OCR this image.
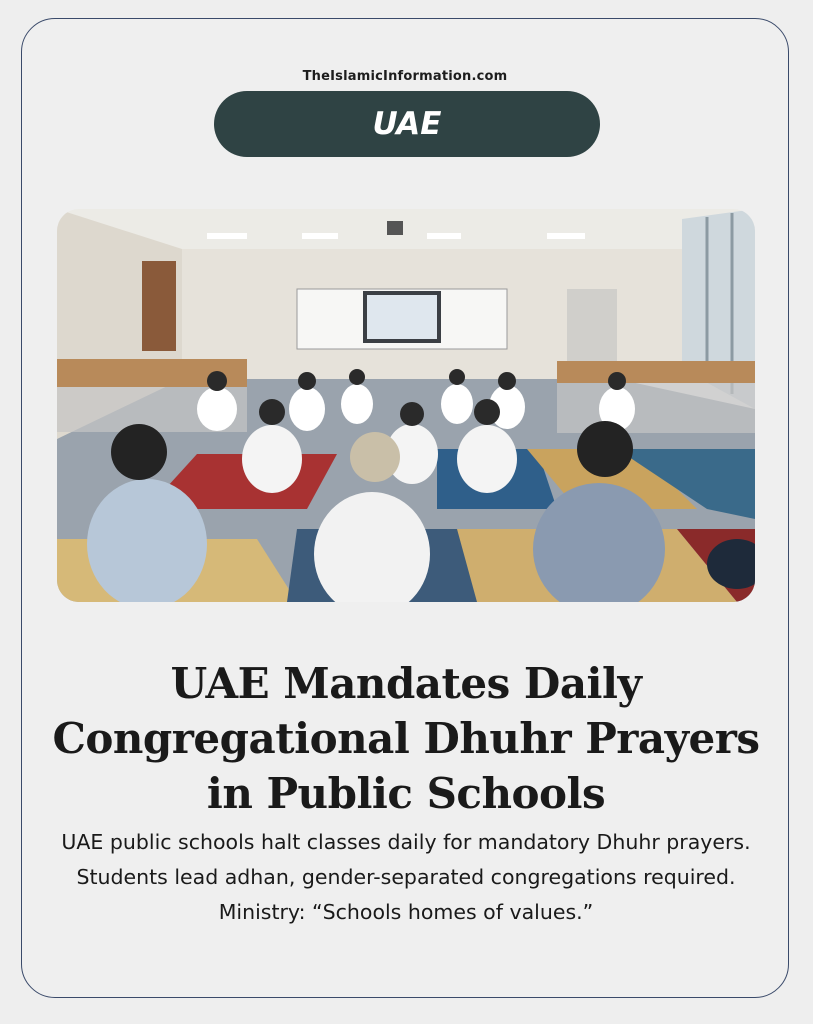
TheIslamicInformation.com
UAE
UAE Mandates Daily Congregational Dhuhr Prayers in Public Schools
UAE public schools halt classes daily for mandatory Dhuhr prayers. Students lead adhan, gender-separated congregations required.
Ministry: “Schools homes of values.”
